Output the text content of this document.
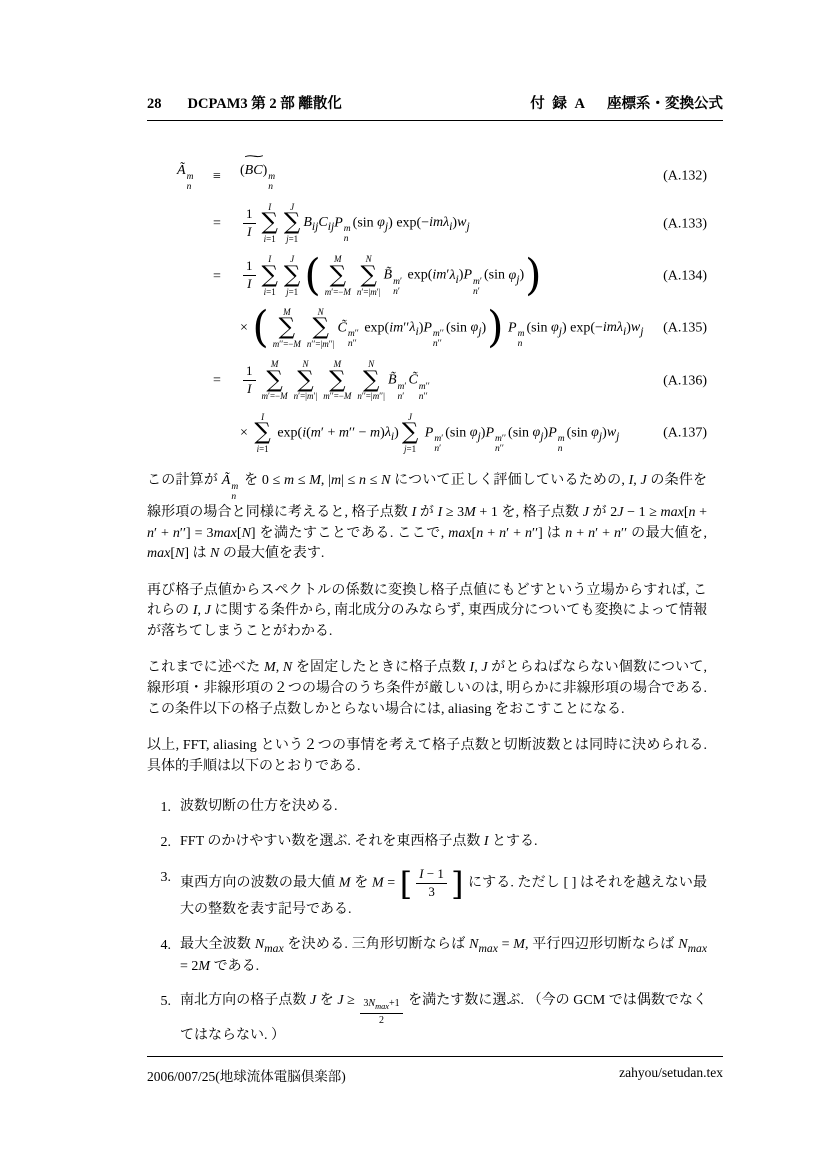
28 DCPAM3 第 2 部 離散化	付 録 A 座標系・変換公式
Ã m
n
≡	(
∼
BC) m
n
(A.132)
=	$\frac{1}{I}$ I
∑
i=1
J
∑
j=1
$B_{ij}C_{ij}P$ m
n
(sin $\varphi_j$) $\exp(-im\lambda_i)w_j$	(A.133)
=	$\frac{1}{I}$ I
∑
i=1
J
∑
j=1 ( M
∑
m′=−M
N
∑
n′=|m′|
B̃ m′
n′
$\exp(im'\lambda_i)P$ m′
n′
(sin $\varphi_j$))	(A.134)
× ( M
∑
m′′=−M
N
∑
n′′=|m′′|
C̃ m′′
n′′
$\exp(im''\lambda_i)P$ m′′
n′′
(sin $\varphi_j$)) P m
n
(sin $\varphi_j$) $\exp(-im\lambda_i)w_j$ (A.135)
=	$\frac{1}{I}$ M
∑
m′=−M
N
∑
n′=|m′|
M
∑
m′′=−M
N
∑
n′′=|m′′|
B̃ m′
n′
C̃ m′′
n′′
(A.136)
×
I
∑
i=1
$\exp(i(m' + m'' - m)\lambda_i)$
J
∑
j=1
P m′
n′
(sin $\varphi_j)P$ m′′
n′′
(sin $\varphi_j)P$ m
n
(sin $\varphi_j)w_j$	(A.137)

この計算が Ã m
n
を 0 ≤ m ≤ M, |m| ≤ n ≤ N について正しく評価しているための, I, J の条件を線形項の場合と同様に考えると, 格子点数 I が I ≥ 3M + 1 を, 格子点数 J が 2J − 1 ≥ max[n + n′ + n′′] = 3max[N] を満たすことである. ここで, max[n + n′ + n′′] は n + n′ + n′′ の最大値を, max[N] は N の最大値を表す.

再び格子点値からスペクトルの係数に変換し格子点値にもどすという立場からすれば, これらの I, J に関する条件から, 南北成分のみならず, 東西成分についても変換によって情報が落ちてしまうことがわかる.

これまでに述べた M, N を固定したときに格子点数 I, J がとらねばならない個数について, 線形項・非線形項の２つの場合のうち条件が厳しいのは, 明らかに非線形項の場合である. この条件以下の格子点数しかとらない場合には, aliasing をおこすことになる.

以上, FFT, aliasing という２つの事情を考えて格子点数と切断波数とは同時に決められる. 具体的手順は以下のとおりである.

1. 波数切断の仕方を決める.
2. FFT のかけやすい数を選ぶ. それを東西格子点数 I とする.
3. 東西方向の波数の最大値 M を M = [ $\frac{I - 1}{3}$ ] にする. ただし [ ] はそれを越えない最大の整数を表す記号である.
4. 最大全波数 $N_{max}$ を決める. 三角形切断ならば $N_{max} = M$, 平行四辺形切断ならば $N_{max} = 2M$ である.
5. 南北方向の格子点数 J を $J \ge \frac{3N_{max}+1}{2}$ を満たす数に選ぶ. （今の GCM では偶数でなくてはならない. ）
2006/007/25(地球流体電脳倶楽部)	zahyou/setudan.tex
